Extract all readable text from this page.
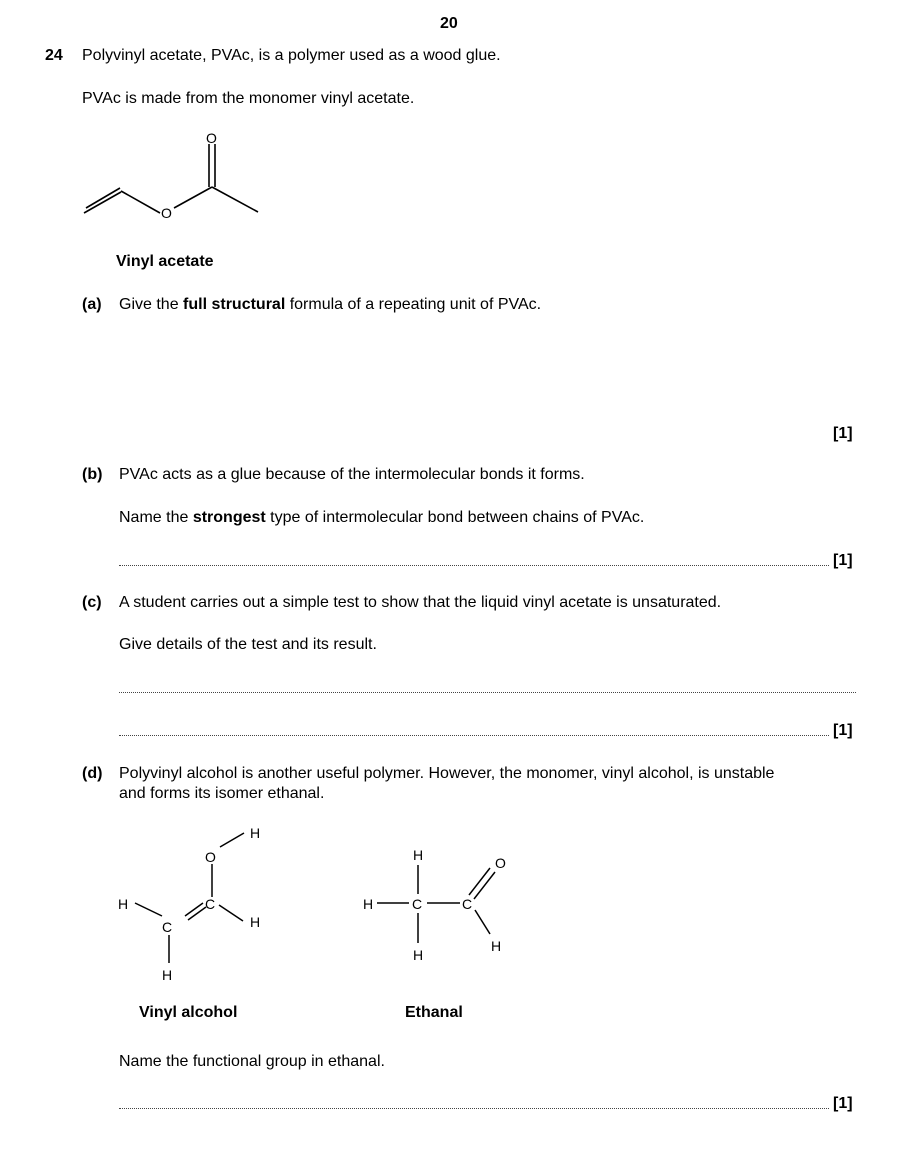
20
24 Polyvinyl acetate, PVAc, is a polymer used as a wood glue.
PVAc is made from the monomer vinyl acetate.
O
O
Vinyl acetate
(a) Give the full structural formula of a repeating unit of PVAc.
[1]
(b) PVAc acts as a glue because of the intermolecular bonds it forms.
Name the strongest type of intermolecular bond between chains of PVAc.
[1]
(c) A student carries out a simple test to show that the liquid vinyl acetate is unsaturated.
Give details of the test and its result.
[1]
(d) Polyvinyl alcohol is another useful polymer. However, the monomer, vinyl alcohol, is unstable
and forms its isomer ethanal.
H
O
C
C
H
H
H
H
H	C	C
O
H
H
Vinyl alcohol	Ethanal
Name the functional group in ethanal.
[1]
